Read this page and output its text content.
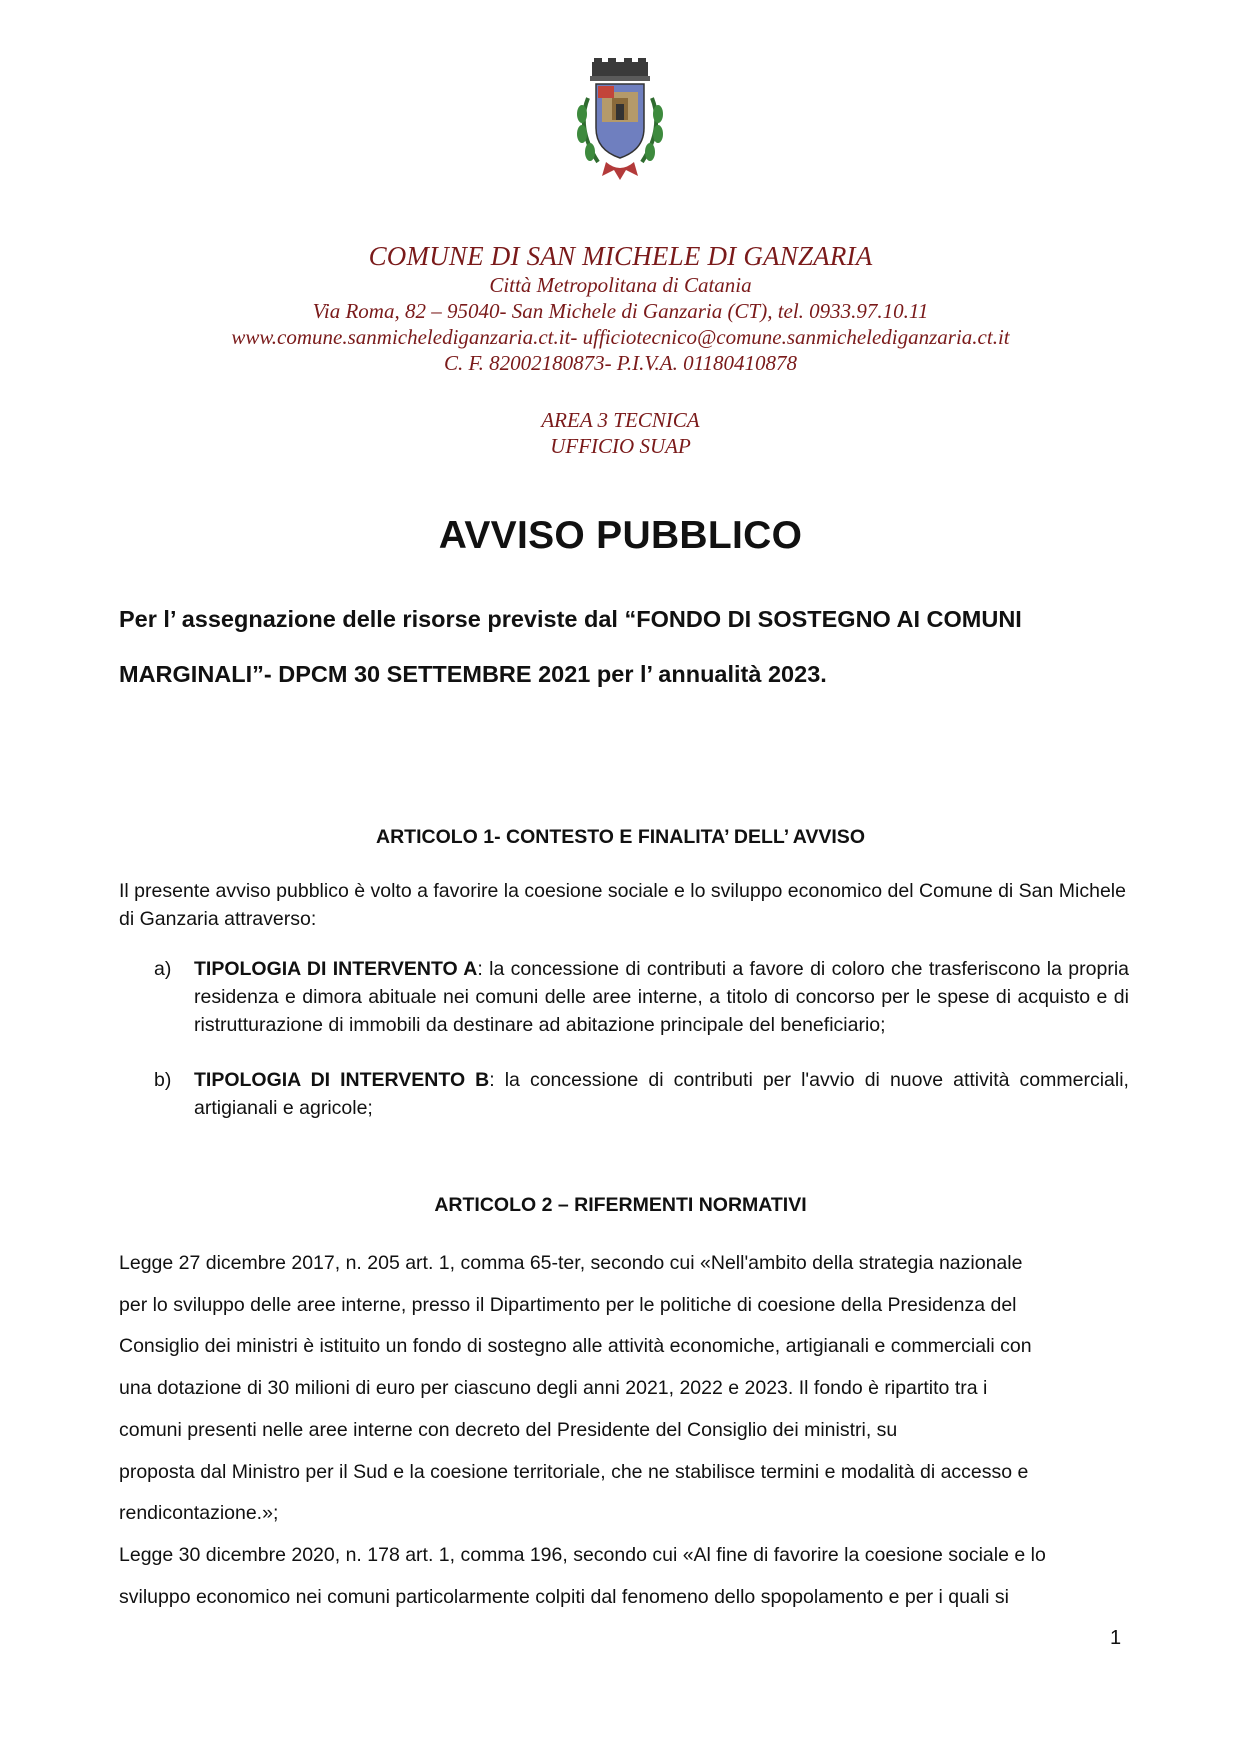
COMUNE DI SAN MICHELE DI GANZARIA
Città Metropolitana di Catania
Via Roma, 82 – 95040- San Michele di Ganzaria (CT), tel. 0933.97.10.11
www.comune.sanmichelediganzaria.ct.it- ufficiotecnico@comune.sanmichelediganzaria.ct.it
C. F. 82002180873- P.I.V.A. 01180410878
AREA 3 TECNICA
UFFICIO SUAP
AVVISO PUBBLICO
Per l’ assegnazione delle risorse previste dal “FONDO DI SOSTEGNO AI COMUNI MARGINALI”- DPCM 30 SETTEMBRE 2021 per l’ annualità 2023.
ARTICOLO 1- CONTESTO E FINALITA’ DELL’ AVVISO
Il presente avviso pubblico è volto a favorire la coesione sociale e lo sviluppo economico del Comune di San Michele di Ganzaria attraverso:
a) TIPOLOGIA DI INTERVENTO A: la concessione di contributi a favore di coloro che trasferiscono la propria residenza e dimora abituale nei comuni delle aree interne, a titolo di concorso per le spese di acquisto e di ristrutturazione di immobili da destinare ad abitazione principale del beneficiario;
b) TIPOLOGIA DI INTERVENTO B: la concessione di contributi per l'avvio di nuove attività commerciali, artigianali e agricole;
ARTICOLO 2 – RIFERMENTI NORMATIVI

Legge 27 dicembre 2017, n. 205 art. 1, comma 65-ter, secondo cui «Nell'ambito della strategia nazionale

per lo sviluppo delle aree interne, presso il Dipartimento per le politiche di coesione della Presidenza del

Consiglio dei ministri è istituito un fondo di sostegno alle attività economiche, artigianali e commerciali con

una dotazione di 30 milioni di euro per ciascuno degli anni 2021, 2022 e 2023. Il fondo è ripartito tra i

comuni presenti nelle aree interne con decreto del Presidente del Consiglio dei ministri, su

proposta dal Ministro per il Sud e la coesione territoriale, che ne stabilisce termini e modalità di accesso e

rendicontazione.»;

Legge 30 dicembre 2020, n. 178 art. 1, comma 196, secondo cui «Al fine di favorire la coesione sociale e lo

sviluppo economico nei comuni particolarmente colpiti dal fenomeno dello spopolamento e per i quali si

1
